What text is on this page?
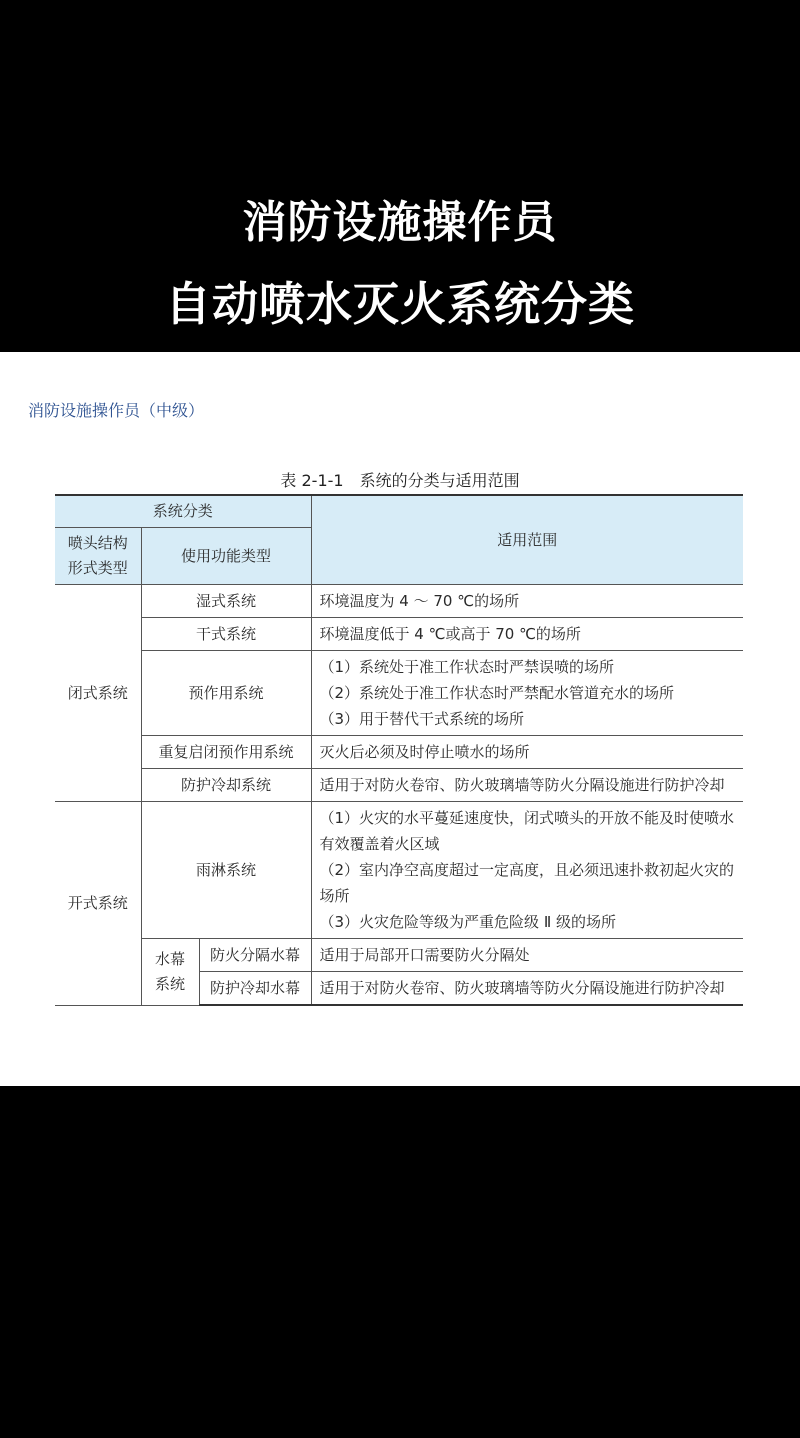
消防设施操作员
自动喷水灭火系统分类
消防设施操作员（中级）
表 2-1-1　系统的分类与适用范围
系统分类			适用范围

喷头结构
形式类型	使用功能类型		
闭式系统	湿式系统		环境温度为 4 ～ 70 ℃的场所

	干式系统		环境温度低于 4 ℃或高于 70 ℃的场所

	预作用系统		（1）系统处于准工作状态时严禁误喷的场所
（2）系统处于准工作状态时严禁配水管道充水的场所
（3）用于替代干式系统的场所

	重复启闭预作用系统		灭火后必须及时停止喷水的场所

	防护冷却系统		适用于对防火卷帘、防火玻璃墙等防火分隔设施进行防护冷却

开式系统	雨淋系统		（1）火灾的水平蔓延速度快，闭式喷头的开放不能及时使喷水有效覆盖着火区域
（2）室内净空高度超过一定高度，且必须迅速扑救初起火灾的场所
（3）火灾危险等级为严重危险级 Ⅱ 级的场所

	水幕
系统	防火分隔水幕	适用于局部开口需要防火分隔处

		防护冷却水幕	适用于对防火卷帘、防火玻璃墙等防火分隔设施进行防护冷却
